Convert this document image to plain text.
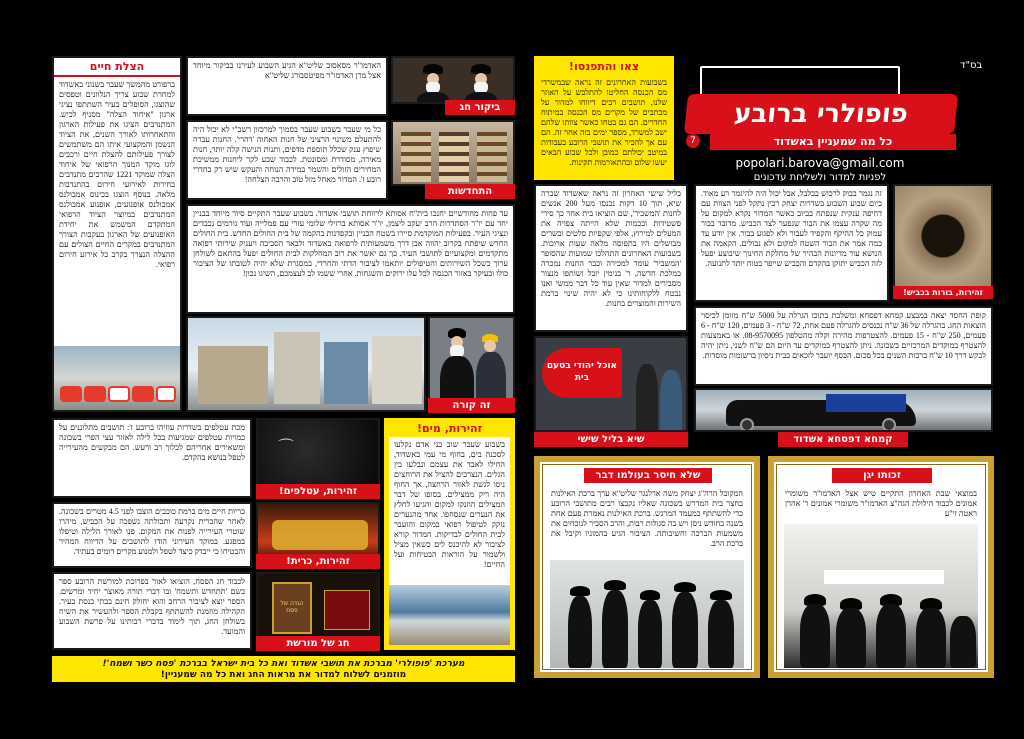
בס"ד
הצלת חיים
ברפורט מהמשך שעבר בשנוני באשדוד למחרת שבוע צריך הנלוונים וטפסים שהוצגו, הסופלים בעיר השתתפו נציגי ארגון "איחוד הצלה" מסניף לכיש. המתנדבים הציגו את פעילות הארגון והתאחרותו לאורך השנים, את הציוד הנשמן והמקצועי איתו הם משתמשים לצורך פעילותם להצלת חיים ורכבים לוגו מוקד המנוך הרפואי של איחוד הצלה שמוקד 1221 שהרבים מתנדבים בחירות לאירועי חירום בהתנדבות מלאה. בנוסף הוצגו בכינוס אמבולנס אמבולנס אופנועים, אופנוע אמבולנס המתנדבים במיוצר הציוד הרפואי המתקדם המשמש את יחידת האופנועים של הארגון בעקבות הצורך המתנדבים במקרים החיים הצולים עם ההצלה הנצרך בקרב כל אירוע חירום רפואי.
ביקור חג
האדמו"ר מסאסוב שליט"א הגיע השבוע לעירנו בביקור מיוחד אצל מרן האדמו"ר מפיטסבורג שליט"א
התחדשות
כל מי שעבר בשבוע שעבר בסמוך למרכזון רשב"י לא יכול היה להתעלם משינוי הרציני של חנות האחוה 'דהרי'. החנות עברה שיפוץ ענק שכלל תוספת מדפים, ותנות הנישה קלה יותר, חנות מאירה, מסודרת ומסונטת. לכבוד שבע לקר ליחנות ממשיכת המחירים הזולים והשמר במידה הנוחה והעקש שיש רק בחדרי רובע ז'. המדור מאחל מזל טוב והרבה הצלחה!
עד פחות מחודשיים יחנכו בית"ח אסותא לרווחת תושבי אשדוד. בשבוע שעבר התקיים סיור מיוחד בבניין יחד עם יו"ר הסתדרות הרב יעקב ליצמן, יו"ר אסותא ברזילי שלומי עזרי עם פמלייה ועוד גורמים נכבדים ונציגי העיר. בפעילות המוקדמת סיירו בשטח הבניין ובקפדנות בהקמה של בית החולים החדש. בית החולים החדש שיפתח בקרוב יהווה אבן דרך משמעותית לרפואה באשדוד ולבאר הסביבה ויעניק שירותי רפואה מתקדמים ומקצועיים לתושבי העיר. כך גם יאשר את רוב המחלקות לבית החולים יפעל בהתאם לשולחן ערוך כשכל השירותים והטיפולים יותאמו לציבור הדתי והחרדי, במסגרת שלא יהיה לטובתו של הציבור כולו ובעיקר באזור הכנסה לכל עלו ירוקים והשגחות. אחרי ששמו לב לעצמכם, השיגו נכון!
זה קורה
מכת עטלפים בשדרות עוזיהו ברובע ז': תושבים מתלוננים על כמויות עטלפים שמגיעות בכל לילה לאזור עצי הפרי בשכונה ומשאירים אחריהם לכלוך רב ורעש. הם מבקשים מהעירייה לטפל בנושא בהקדם.
⌒
זהירות, עטלפים!
כריות חיים מים ברמת כוכבים הוצבו לפני 4.5 מטרים בשכונה. לאחר שהכרית נקרעה ותכולתה נשפכה על הכביש, מיהרו שוטרי העירייה לפנות את המקום. פנו לאורך הלילה וטיפלו במפגע. במוקד העירוני הודו לתושבים על הדיווח המהיר והבטיחו כי ייבדק כיצד לטפל ולמנוע מקרים דומים בעתיד.
זהירות, כרית!
לכבוד חג הפסח, הוציאו לאור בפרוכת למורשת הרובע ספר בשם 'תתחדש ותשמח' ובו דברי תורה מאוצר יחיד ומרשים. הספר יוצא לציבור הרחב והוא יחולק חינם בבתי כנסת בעיר. הקהילה מוזמנת להשתתף בקבלת הספר ולהעשיר את השיח בשולחן החג, תוך לימוד בדברי רבותינו על פרשת השבוע והמועד.
הגדה של פסח
חג של מורשת
זהירות, מים!
בשבוע שעבר שוב בני אדם נקלעו לסכנה בים, בחוף מי עמי באשדוד, החילו לאבד את עצמם ונבלעו בין הגלים. הנצרכים להציל את הרוחצים ניסו לגשת לאזור הרחצה, אך החוף היה ריק ממצילים. בסופו של דבר המצילים הוזנקו למקום והגיעו לחלץ את הנערים שנסחפו. אחד מהנערים נזקק לטיפול רפואי במקום והועבר לבית החולים לבדיקות. המדור קורא לציבור לא להיכנס לים כשאין מציל ולשמור על הוראות הבטיחות ועל החיים!
מערכת 'פופולרי' מברכת את תושבי אשדוד ואת כל בית ישראל בברכת 'פסח כשר ושמח'!
מוזמנים לשלוח למדור את מראות החג ואת כל מה שמעניין!
פופולרי ברובע
7	כל מה שמעניין באשדוד
popolari.barova@gmail.com
לפניות למדור ולשליחת עדכונים
צאו והתפנסו!
בשבועות האחרונים זה נראה שבמשרדי מס הכנסה החליטו להתלבש על האוזר שלנו, תושבים רבים דיווחו למדור על מכתבים של מקרים מס הכנסה במיתוח החדרים. הם גם בטחו כאשר צוותו שלהם ישב למשרד, מספר ימים בזה אחר זה. הם עם אך להכיר את תושבי הרובע בעבודות במיטב יכולתם כמובן ולכל שבוע הבאים יעשו שלום ובהתאורמות תקינות.
בליל שישי האחרון זה נראה שאשדוד שברה שיא, תוך 10 דקות נכנסו מעל 200 אנשים לחנות 'המשביר', שם הוציאו בית אחר כך סירי פשטידות ובכמות שלא הייתה צפויה את המעלים למירוץ, אלפי שקפיות סלטים ובשרים מבושלים היו בתפוסה מלאה שעות ארוכות. בשבועות האחרונים התהלכו שמועות שהסופר 'המשביר' עומד למכירה וכבר החנות נמכרה במלכת חדשה, ר' בנימין יובל ושותפו מנצור מסבירים למדור שאין עוד כל דבר ממשי ואנו נבטח ללקוחותינו כי לא יהיה שינוי ברמת השירות והמוצרים בחנות.
אוכל יהודי בטעם בית
שיא בליל שישי
זהירות, בורות בכביש!
זה נגמר בבוק לרכוש בבלבל, אבל יכול היה להיגמר רע מאוד. ביום שבוע השבוע בשדרות יצחק רבין נתקל לפני הצוות עם דחיפה ענקית שנפתח בביוב כאשר המדור נקרא למקום על מה שקרה עצמו את הבור שנפער לצד הכביש. מדובר בבור עמוק כל ההיקף והקפיד לעבור ולא לפגוע בבור. אין יודע עד כמה אמר את הבור השטח למקום ולא נבולים. הקאמה את הנושא עוד מדיונות הבהיר של מחלקת החינוך שיבוצע יפעל לזה הכביש יתוקן בהקדם והכביש שייפר בטוח יותר לתנועה.
קופת החסד יצאה במבצע קמחא דפסחא ומשלבת בתוכו הגרלה על 5000 ש"ח מזומן לכיסוי הוצאות החג. בהגרלה של 36 ש"ח נכנסים להגרלה פעם אחת, 72 ש"ח - 3 פעמים, 120 ש"ח - 6 פעמים, 250 ש"ח - 15 פעמים. להצטרפות מהירה וקלה מהטלפון 08-9570095. או באמצעות להצטרף במוקדים המרכזיים בשכונה. ניתן להצטרף במוקדים עד היום הם ש"ח לשני, ניתן יהיה לבקש דרך 10 ש"ח ברבות השנים בכל סכום. הכסף יועבר לזכאים בבית ניסיון ברשומות מוסדות.
קמחא דפסחא אשדוד
שלא חיסר בעולמו דבר
המקובל הרה"ג יצחק משה ארלנגר שליט"א ערך ברכת האילנות בחצר בית המדרש בשכונה שאליו נקבצו רבים מתושבי הרובע כדי להשתתף במעמד המרגש. ברכת האילנות נאמרת פעם אחת בשנה בחודש ניסן ויש בה סגולות רבות, והרב הסביר לנוכחים את משמעות הברכה וחשיבותה. הציבור הגיע בהמוניו וקיבל את ברכת הרב.
זכותו יגן
במוצאי שבת האחרון התקיים טיש אצל האדמו"ר משומרי אמונים לכבוד הילולת הגה"צ האדמו"ר משומרי אמונים ר' אהרן ראטה זי"ע
